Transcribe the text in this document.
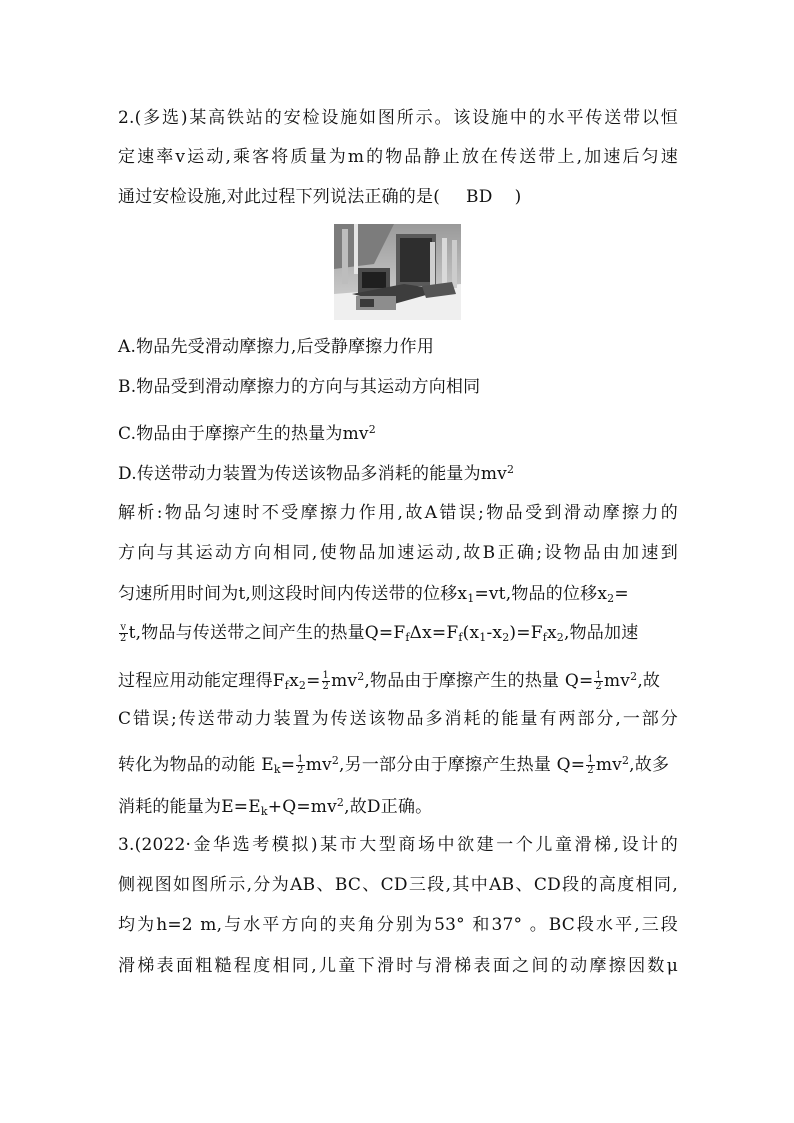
2.(多选)某高铁站的安检设施如图所示。该设施中的水平传送带以恒
定速率v运动,乘客将质量为m的物品静止放在传送带上,加速后匀速
通过安检设施,对此过程下列说法正确的是( BD )
A.物品先受滑动摩擦力,后受静摩擦力作用
B.物品受到滑动摩擦力的方向与其运动方向相同
C.物品由于摩擦产生的热量为$mv^2$
D.传送带动力装置为传送该物品多消耗的能量为$mv^2$
解析:物品匀速时不受摩擦力作用,故A错误;物品受到滑动摩擦力的
方向与其运动方向相同,使物品加速运动,故B正确;设物品由加速到
匀速所用时间为t,则这段时间内传送带的位移$x_1=vt$,物品的位移$x_2=$
$\frac{v}{2} t$,物品与传送带之间产生的热量$Q=F_f\Delta x=F_f(x_1-x_2)=F_fx_2$,物品加速
过程应用动能定理得$F_fx_2= \frac{1}{2} mv^2$,物品由于摩擦产生的热量 $Q= \frac{1}{2} mv^2$,故
C错误;传送带动力装置为传送该物品多消耗的能量有两部分,一部分
转化为物品的动能 $E_k= \frac{1}{2} mv^2$,另一部分由于摩擦产生热量 $Q= \frac{1}{2} mv^2$,故多
消耗的能量为$E=E_k+Q=mv^2$,故D正确。
3.(2022·金华选考模拟)某市大型商场中欲建一个儿童滑梯,设计的
侧视图如图所示,分为AB、BC、CD三段,其中AB、CD段的高度相同,
均为h=2 m,与水平方向的夹角分别为53° 和37° 。BC段水平,三段
滑梯表面粗糙程度相同,儿童下滑时与滑梯表面之间的动摩擦因数μ
